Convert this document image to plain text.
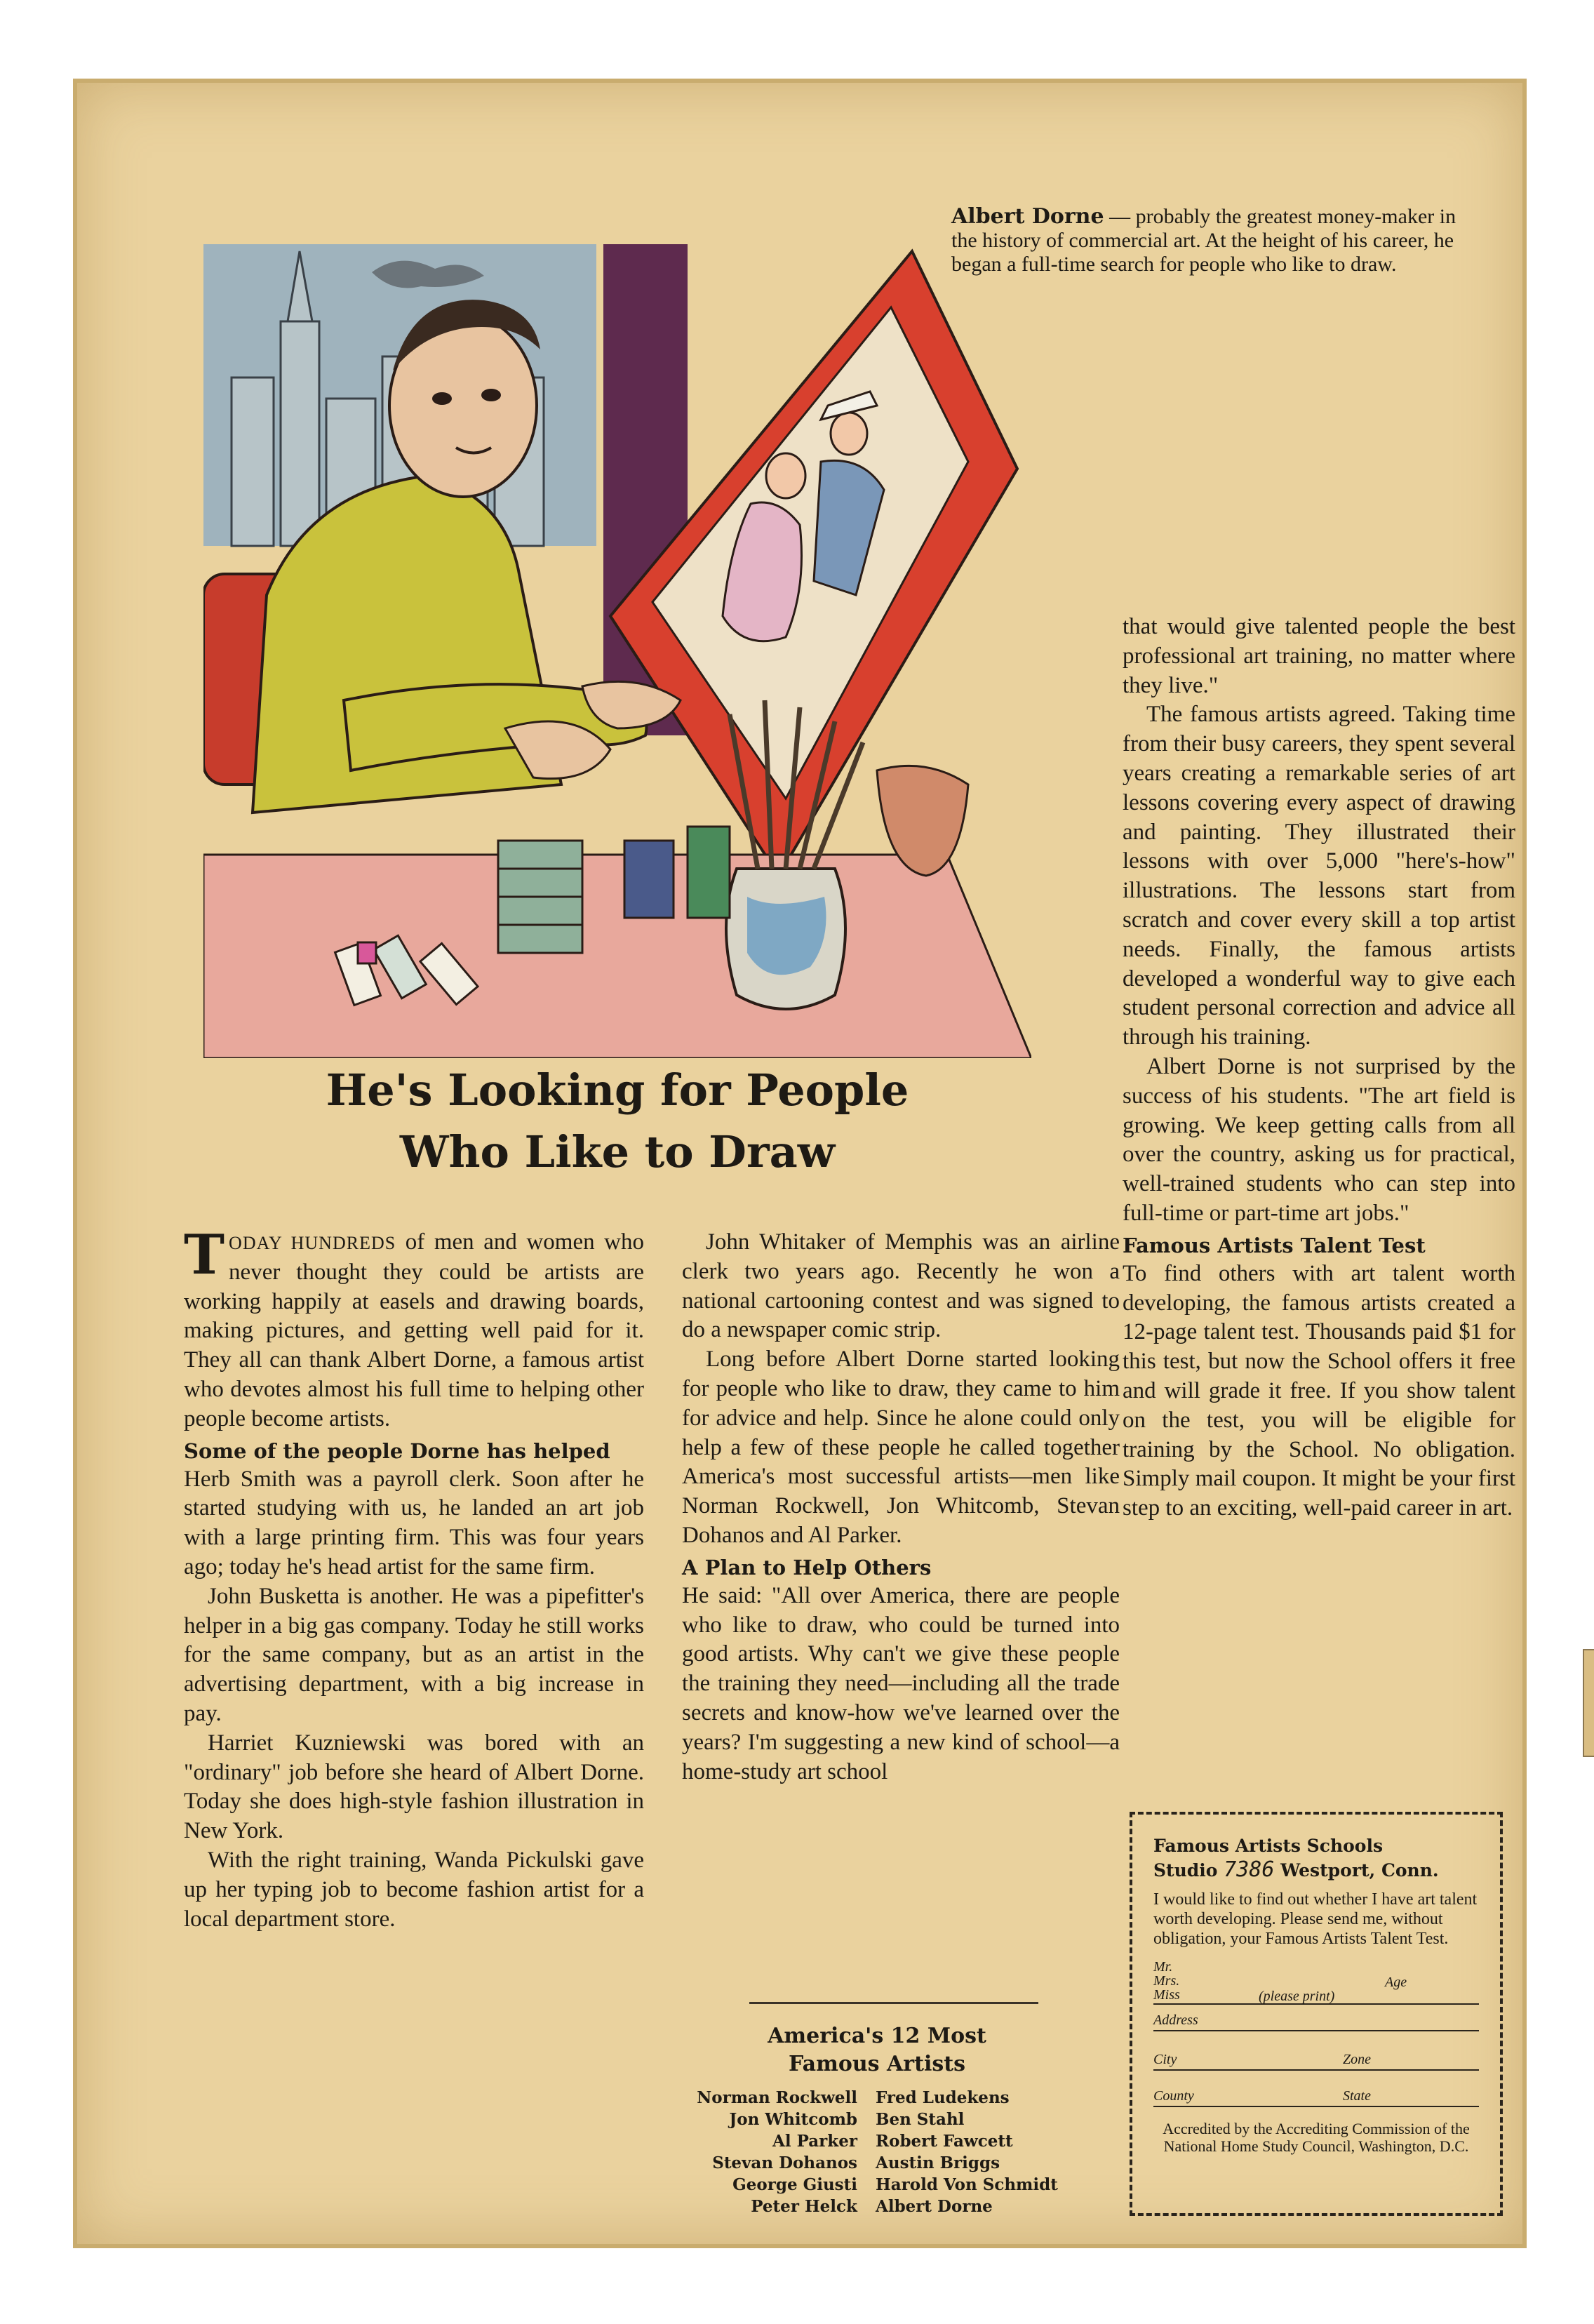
Albert Dorne — probably the greatest money-maker in the history of commercial art. At the height of his career, he began a full-time search for people who like to draw.
He's Looking for People
Who Like to Draw

TODAY HUNDREDS of men and women who never thought they could be artists are working happily at easels and drawing boards, making pictures, and getting well paid for it. They all can thank Albert Dorne, a famous artist who devotes almost his full time to helping other people become artists.

Some of the people Dorne has helped

Herb Smith was a payroll clerk. Soon after he started studying with us, he landed an art job with a large printing firm. This was four years ago; today he's head artist for the same firm.

John Busketta is another. He was a pipefitter's helper in a big gas company. Today he still works for the same company, but as an artist in the advertising department, with a big increase in pay.

Harriet Kuzniewski was bored with an "ordinary" job before she heard of Albert Dorne. Today she does high-style fashion illustration in New York.

With the right training, Wanda Pickulski gave up her typing job to become fashion artist for a local department store.

John Whitaker of Memphis was an airline clerk two years ago. Recently he won a national cartooning contest and was signed to do a newspaper comic strip.

Long before Albert Dorne started looking for people who like to draw, they came to him for advice and help. Since he alone could only help a few of these people he called together America's most successful artists—men like Norman Rockwell, Jon Whitcomb, Stevan Dohanos and Al Parker.

A Plan to Help Others

He said: "All over America, there are people who like to draw, who could be turned into good artists. Why can't we give these people the training they need—including all the trade secrets and know-how we've learned over the years? I'm suggesting a new kind of school—a home-study art school

that would give talented people the best professional art training, no matter where they live."

The famous artists agreed. Taking time from their busy careers, they spent several years creating a remarkable series of art lessons covering every aspect of drawing and painting. They illustrated their lessons with over 5,000 "here's-how" illustrations. The lessons start from scratch and cover every skill a top artist needs. Finally, the famous artists developed a wonderful way to give each student personal correction and advice all through his training.

Albert Dorne is not surprised by the success of his students. "The art field is growing. We keep getting calls from all over the country, asking us for practical, well-trained students who can step into full-time or part-time art jobs."

Famous Artists Talent Test

To find others with art talent worth developing, the famous artists created a 12-page talent test. Thousands paid $1 for this test, but now the School offers it free and will grade it free. If you show talent on the test, you will be eligible for training by the School. No obligation. Simply mail coupon. It might be your first step to an exciting, well-paid career in art.

America's 12 Most
Famous Artists
Norman Rockwell	Fred Ludekens
Jon Whitcomb	Ben Stahl
Al Parker	Robert Fawcett
Stevan Dohanos	Austin Briggs
George Giusti	Harold Von Schmidt
Peter Helck	Albert Dorne
Famous Artists Schools
Studio 7386 Westport, Conn.
I would like to find out whether I have art talent worth developing. Please send me, without obligation, your Famous Artists Talent Test.
Mr.
Mrs.
Miss	(please print)
Age
Address
City	Zone
County	State
Accredited by the Accrediting Commission of the National Home Study Council, Washington, D.C.
